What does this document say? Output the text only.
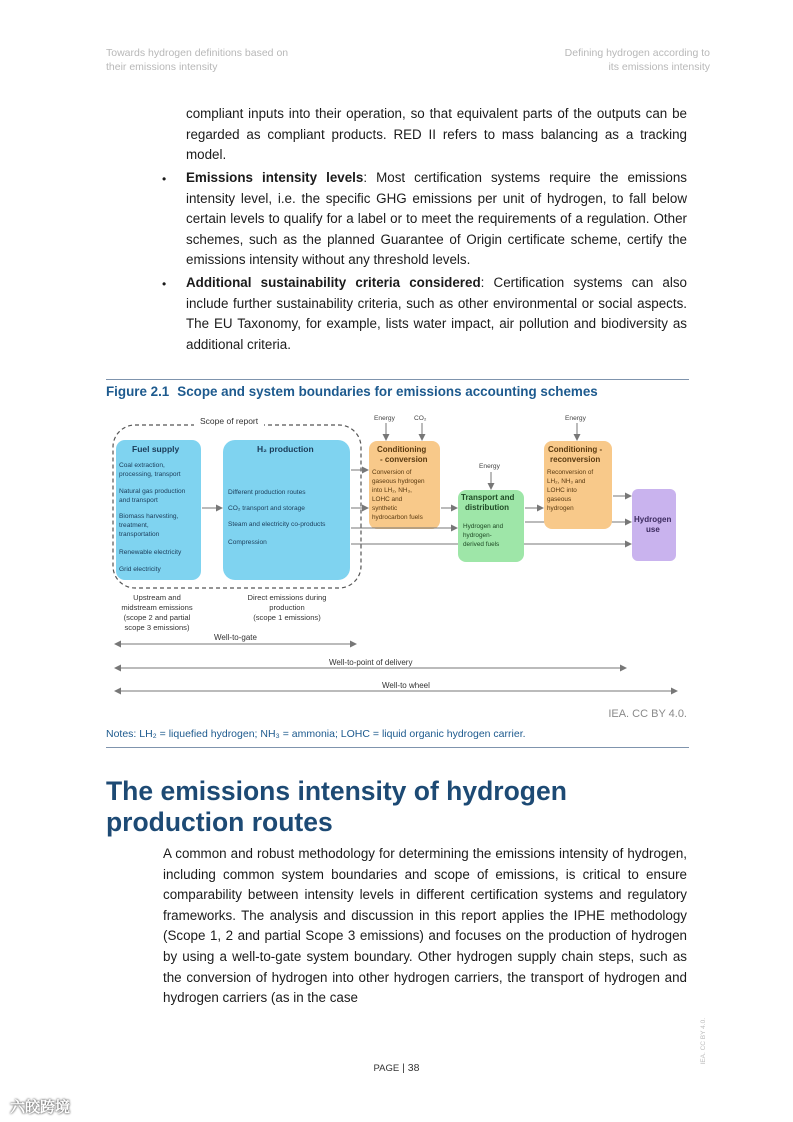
Towards hydrogen definitions based on
their emissions intensity
Defining hydrogen according to
its emissions intensity
compliant inputs into their operation, so that equivalent parts of the outputs can be regarded as compliant products. RED II refers to mass balancing as a tracking model.
• Emissions intensity levels: Most certification systems require the emissions intensity level, i.e. the specific GHG emissions per unit of hydrogen, to fall below certain levels to qualify for a label or to meet the requirements of a regulation. Other schemes, such as the planned Guarantee of Origin certificate scheme, certify the emissions intensity without any threshold levels.
• Additional sustainability criteria considered: Certification systems can also include further sustainability criteria, such as other environmental or social aspects. The EU Taxonomy, for example, lists water impact, air pollution and biodiversity as additional criteria.
Figure 2.1 Scope and system boundaries for emissions accounting schemes
Scope of report
Fuel supply
Coal extraction,
processing, transport
Natural gas production
and transport
Biomass harvesting,
treatment,
transportation
Renewable electricity
Grid electricity
H₂ production
Different production routes
CO₂ transport and storage
Steam and electricity co-products
Compression
Energy	CO₂
Conditioning
- conversion
Conversion of
gaseous hydrogen
into LH₂, NH₃,
LOHC and
synthetic
hydrocarbon fuels
Energy
Transport and
distribution
Hydrogen and
hydrogen-
derived fuels
Energy
Conditioning -
reconversion
Reconversion of
LH₂, NH₃ and
LOHC into
gaseous
hydrogen
Hydrogen
use
Upstream and
midstream emissions
(scope 2 and partial
scope 3 emissions)
Direct emissions during
production
(scope 1 emissions)
Well-to-gate
Well-to-point of delivery
Well-to wheel
IEA. CC BY 4.0.
Notes: LH₂ = liquefied hydrogen; NH₃ = ammonia; LOHC = liquid organic hydrogen carrier.
The emissions intensity of hydrogen production routes
A common and robust methodology for determining the emissions intensity of hydrogen, including common system boundaries and scope of emissions, is critical to ensure comparability between intensity levels in different certification systems and regulatory frameworks. The analysis and discussion in this report applies the IPHE methodology (Scope 1, 2 and partial Scope 3 emissions) and focuses on the production of hydrogen by using a well-to-gate system boundary. Other hydrogen supply chain steps, such as the conversion of hydrogen into other hydrogen carriers, the transport of hydrogen and hydrogen carriers (as in the case
PAGE | 38
IEA. CC BY 4.0.
六皎跨境
